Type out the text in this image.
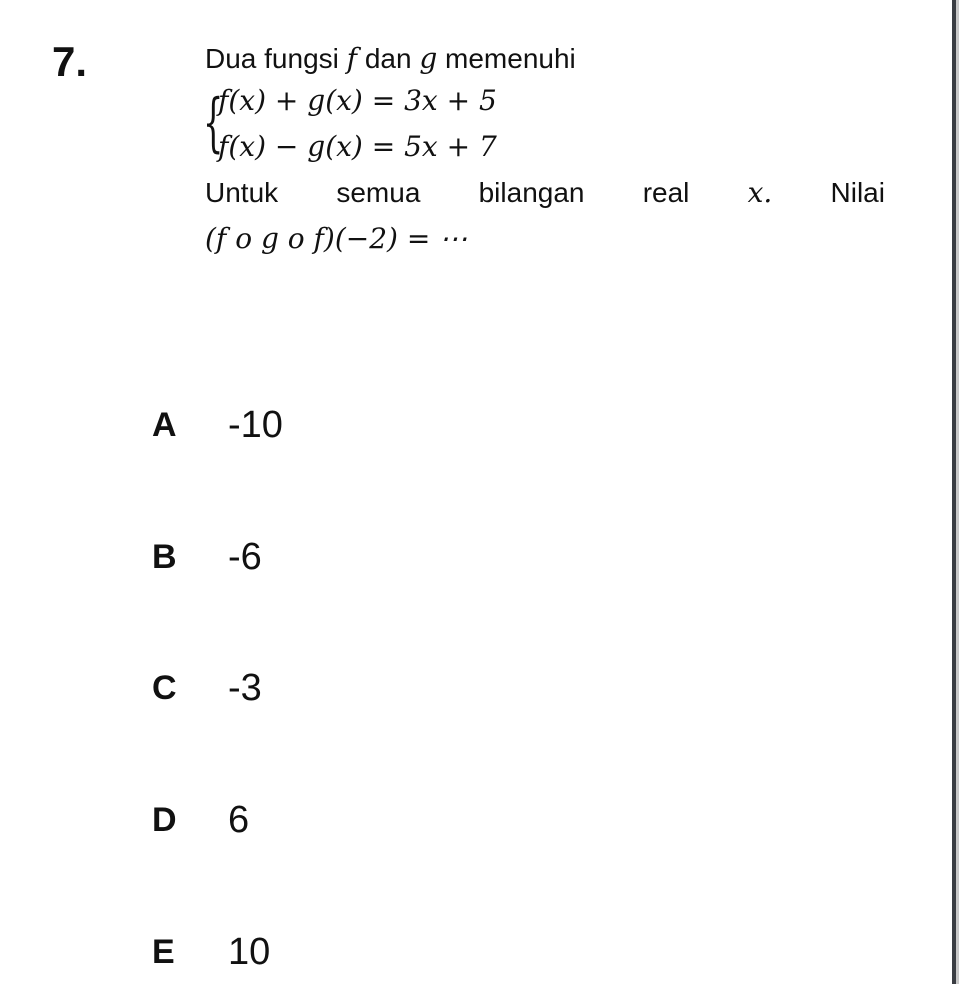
7.	Dua fungsi f dan g memenuhi
{
f(x) + g(x) = 3x + 5
f(x) − g(x) = 5x + 7
Untuk semua bilangan real x. Nilai
(f o g o f)(−2) = ⋯
A	-10
B	-6
C	-3
D	6
E	10
